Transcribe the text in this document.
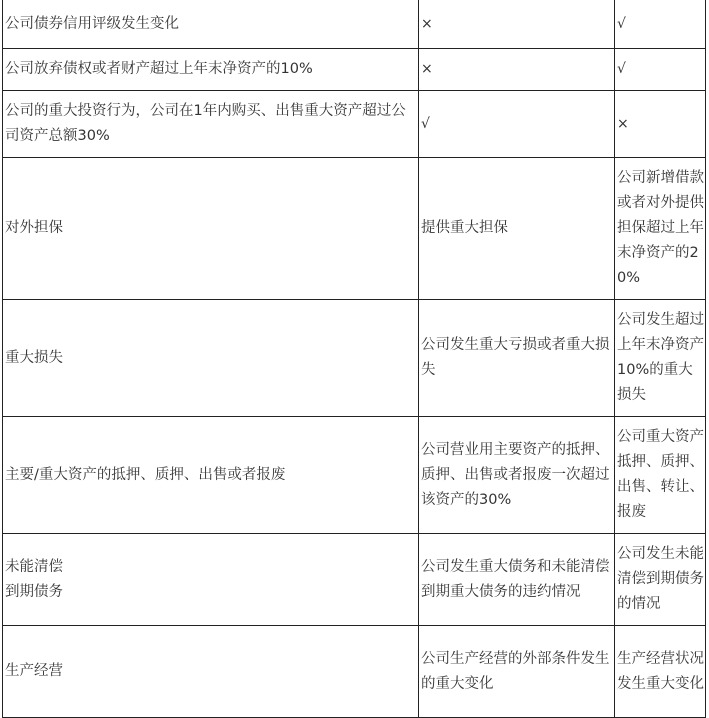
公司债券信用评级发生变化	×	√
公司放弃债权或者财产超过上年末净资产的10%	×	√
公司的重大投资行为，公司在1年内购买、出售重大资产超过公司资产总额30%	√	×
对外担保	提供重大担保	公司新增借款或者对外提供担保超过上年末净资产的20%
重大损失	公司发生重大亏损或者重大损失	公司发生超过上年末净资产10%的重大损失
主要/重大资产的抵押、质押、出售或者报废	公司营业用主要资产的抵押、质押、出售或者报废一次超过该资产的30%	公司重大资产抵押、质押、出售、转让、报废

未能清偿
到期债务	公司发生重大债务和未能清偿到期重大债务的违约情况	公司发生未能清偿到期债务的情况
生产经营	公司生产经营的外部条件发生的重大变化	生产经营状况发生重大变化
